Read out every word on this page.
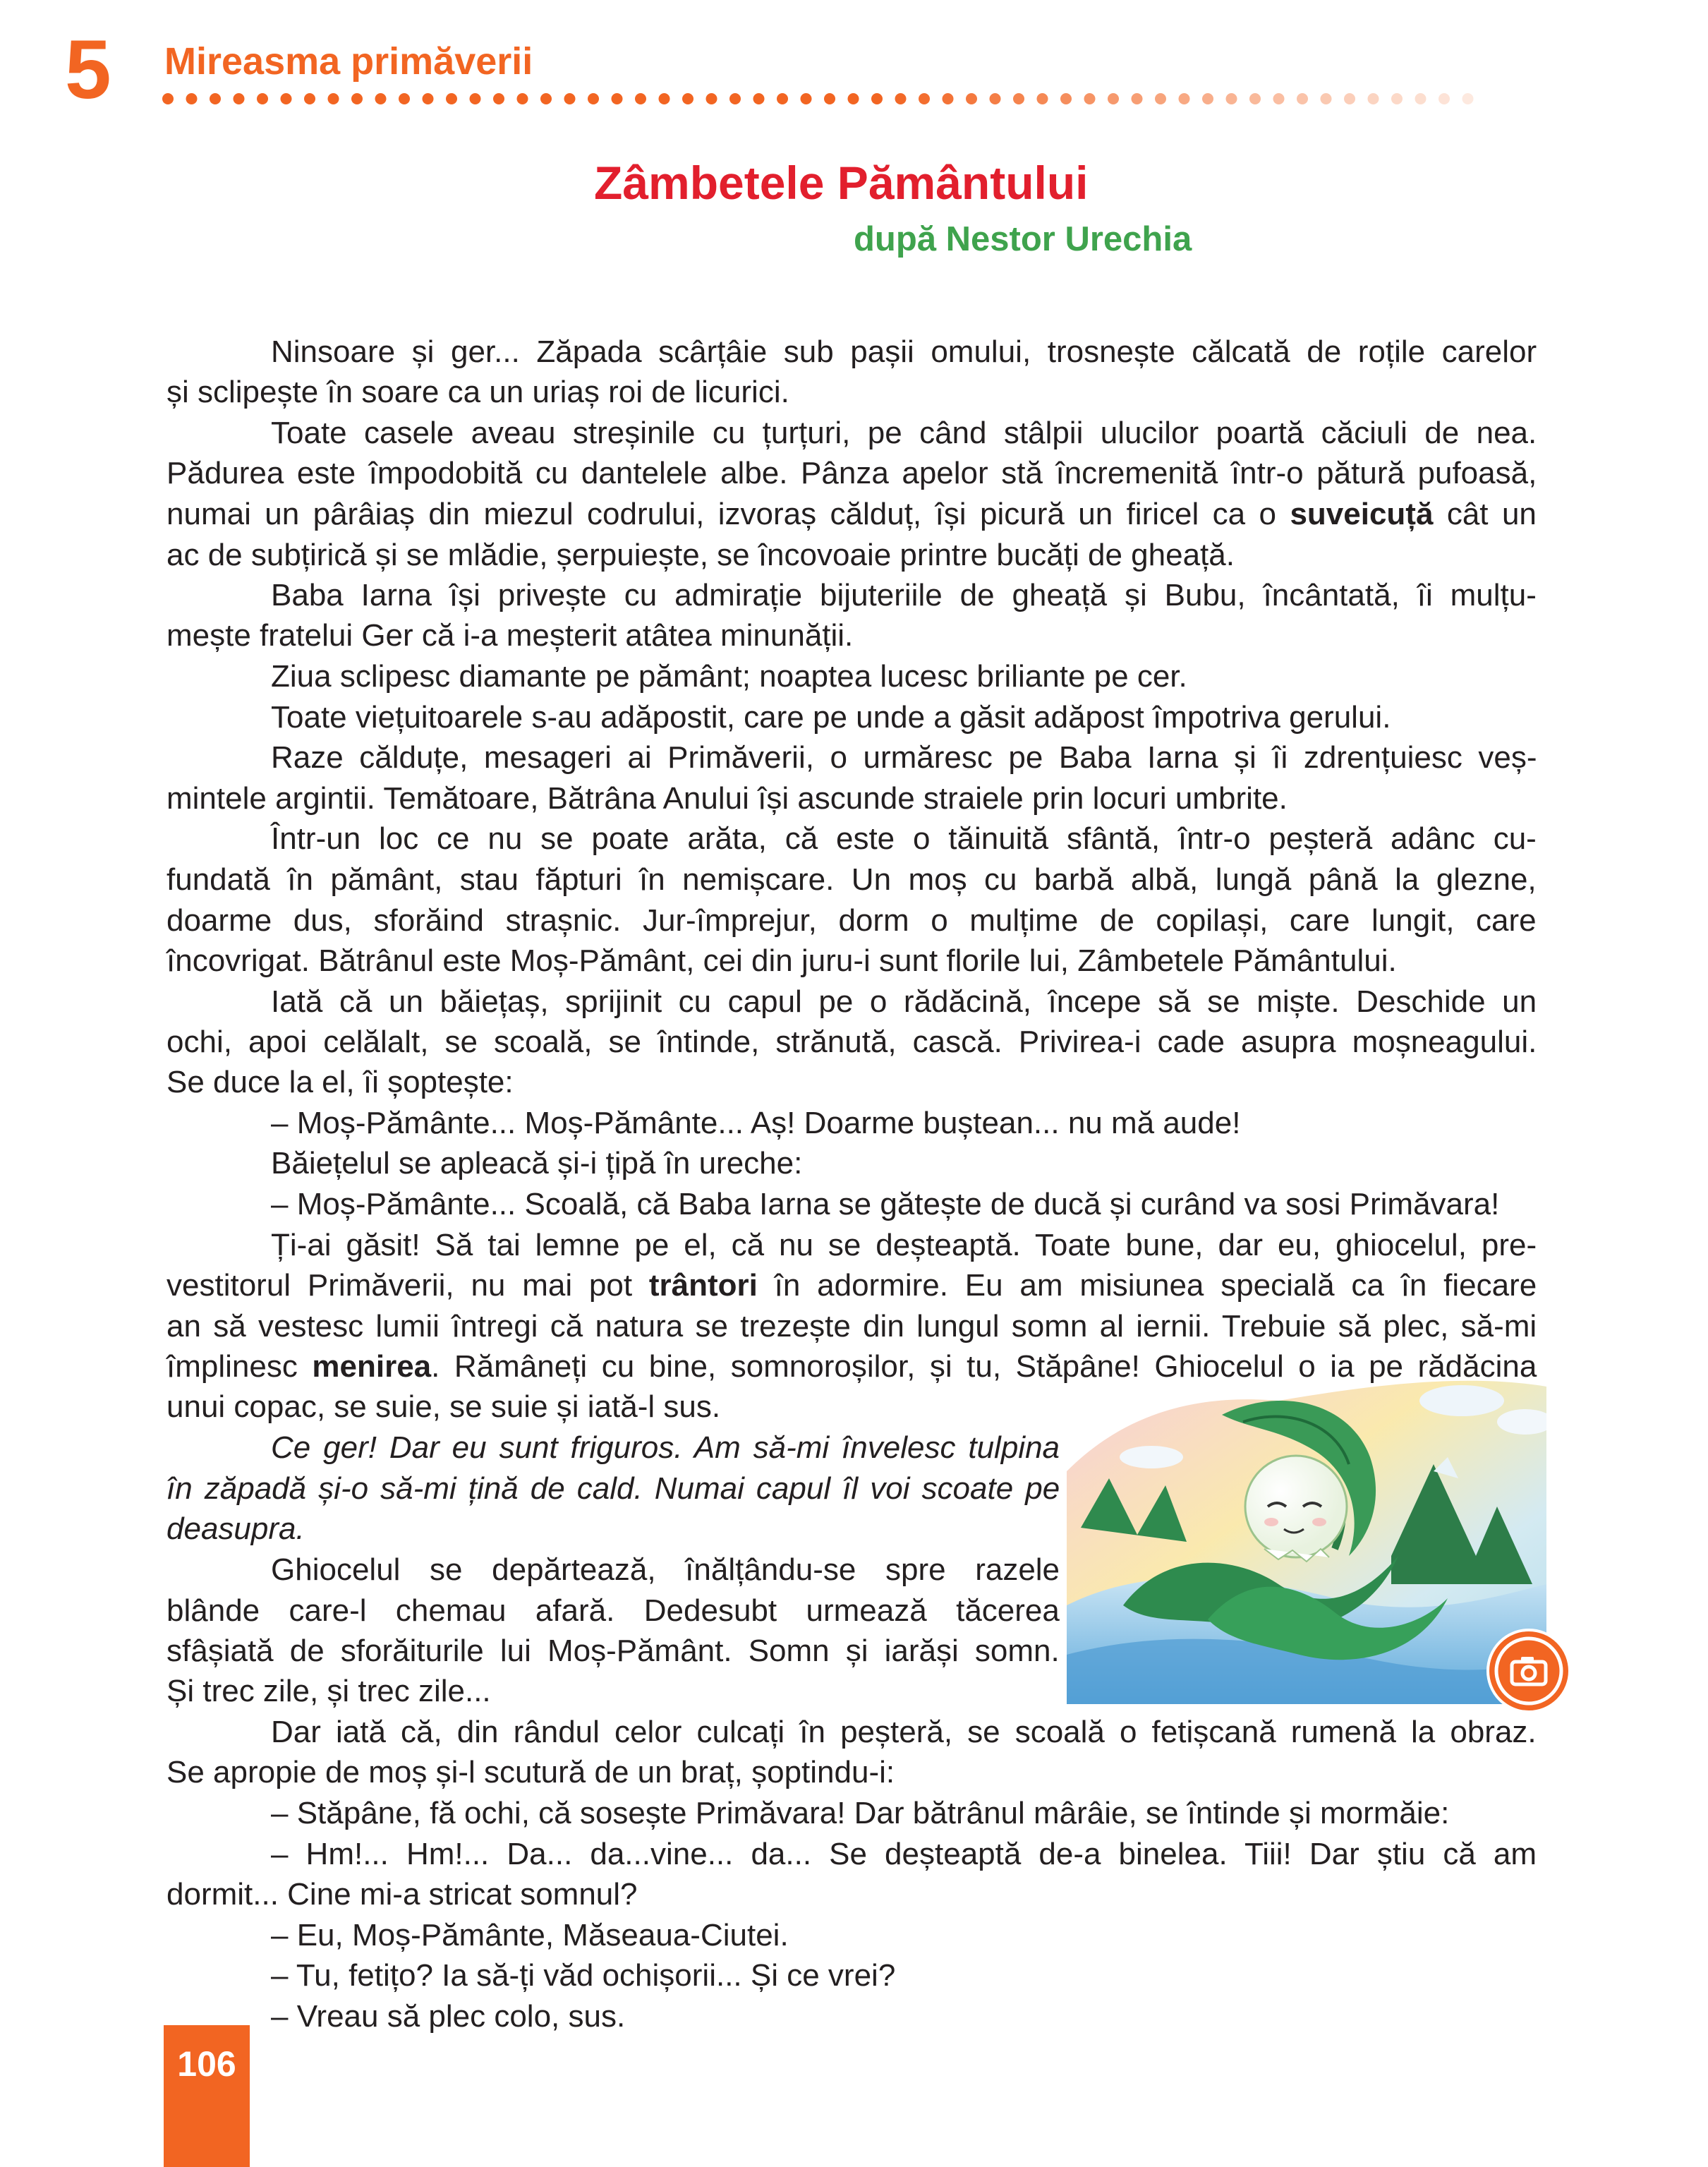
5 Mireasma primăverii
Zâmbetele Pământului
după Nestor Urechia
Ninsoare și ger... Zăpada scârțâie sub pașii omului, trosnește călcată de roțile carelor
și sclipește în soare ca un uriaș roi de licurici.
Toate casele aveau streșinile cu țurțuri, pe când stâlpii ulucilor poartă căciuli de nea.
Pădurea este împodobită cu dantelele albe. Pânza apelor stă încremenită într-o pătură pufoasă,
numai un pârâiaș din miezul codrului, izvoraș călduț, își picură un firicel ca o suveicuță cât un
ac de subțirică și se mlădie, șerpuiește, se încovoaie printre bucăți de gheață.
Baba Iarna își privește cu admirație bijuteriile de gheață și Bubu, încântată, îi mulțu-
mește fratelui Ger că i-a meșterit atâtea minunății.
Ziua sclipesc diamante pe pământ; noaptea lucesc briliante pe cer.
Toate viețuitoarele s-au adăpostit, care pe unde a găsit adăpost împotriva gerului.
Raze călduțe, mesageri ai Primăverii, o urmăresc pe Baba Iarna și îi zdrențuiesc veș-
mintele argintii. Temătoare, Bătrâna Anului își ascunde straiele prin locuri umbrite.
Într-un loc ce nu se poate arăta, că este o tăinuită sfântă, într-o peșteră adânc cu-
fundată în pământ, stau făpturi în nemișcare. Un moș cu barbă albă, lungă până la glezne,
doarme dus, sforăind strașnic. Jur-împrejur, dorm o mulțime de copilași, care lungit, care
încovrigat. Bătrânul este Moș-Pământ, cei din juru-i sunt florile lui, Zâmbetele Pământului.
Iată că un băiețaș, sprijinit cu capul pe o rădăcină, începe să se miște. Deschide un
ochi, apoi celălalt, se scoală, se întinde, strănută, cască. Privirea-i cade asupra moșneagului.
Se duce la el, îi șoptește:
– Moș-Pământe... Moș-Pământe... Aș! Doarme buștean... nu mă aude!
Băiețelul se apleacă și-i țipă în ureche:
– Moș-Pământe... Scoală, că Baba Iarna se gătește de ducă și curând va sosi Primăvara!
Ți-ai găsit! Să tai lemne pe el, că nu se deșteaptă. Toate bune, dar eu, ghiocelul, pre-
vestitorul Primăverii, nu mai pot trântori în adormire. Eu am misiunea specială ca în fiecare
an să vestesc lumii întregi că natura se trezește din lungul somn al iernii. Trebuie să plec, să-mi
împlinesc menirea. Rămâneți cu bine, somnoroșilor, și tu, Stăpâne! Ghiocelul o ia pe rădăcina
unui copac, se suie, se suie și iată-l sus.
Ce ger! Dar eu sunt friguros. Am să-mi învelesc tulpina
în zăpadă și-o să-mi țină de cald. Numai capul îl voi scoate pe
deasupra.
Ghiocelul se depărtează, înălțându-se spre razele
blânde care-l chemau afară. Dedesubt urmează tăcerea
sfâșiată de sforăiturile lui Moș-Pământ. Somn și iarăși somn.
Și trec zile, și trec zile...
Dar iată că, din rândul celor culcați în peșteră, se scoală o fetișcană rumenă la obraz.
Se apropie de moș și-l scutură de un braț, șoptindu-i:
– Stăpâne, fă ochi, că sosește Primăvara! Dar bătrânul mârâie, se întinde și mormăie:
– Hm!... Hm!... Da... da...vine... da... Se deșteaptă de-a binelea. Tiii! Dar știu că am
dormit... Cine mi-a stricat somnul?
– Eu, Moș-Pământe, Măseaua-Ciutei.
– Tu, fetițo? Ia să-ți văd ochișorii... Și ce vrei?
– Vreau să plec colo, sus.
106
